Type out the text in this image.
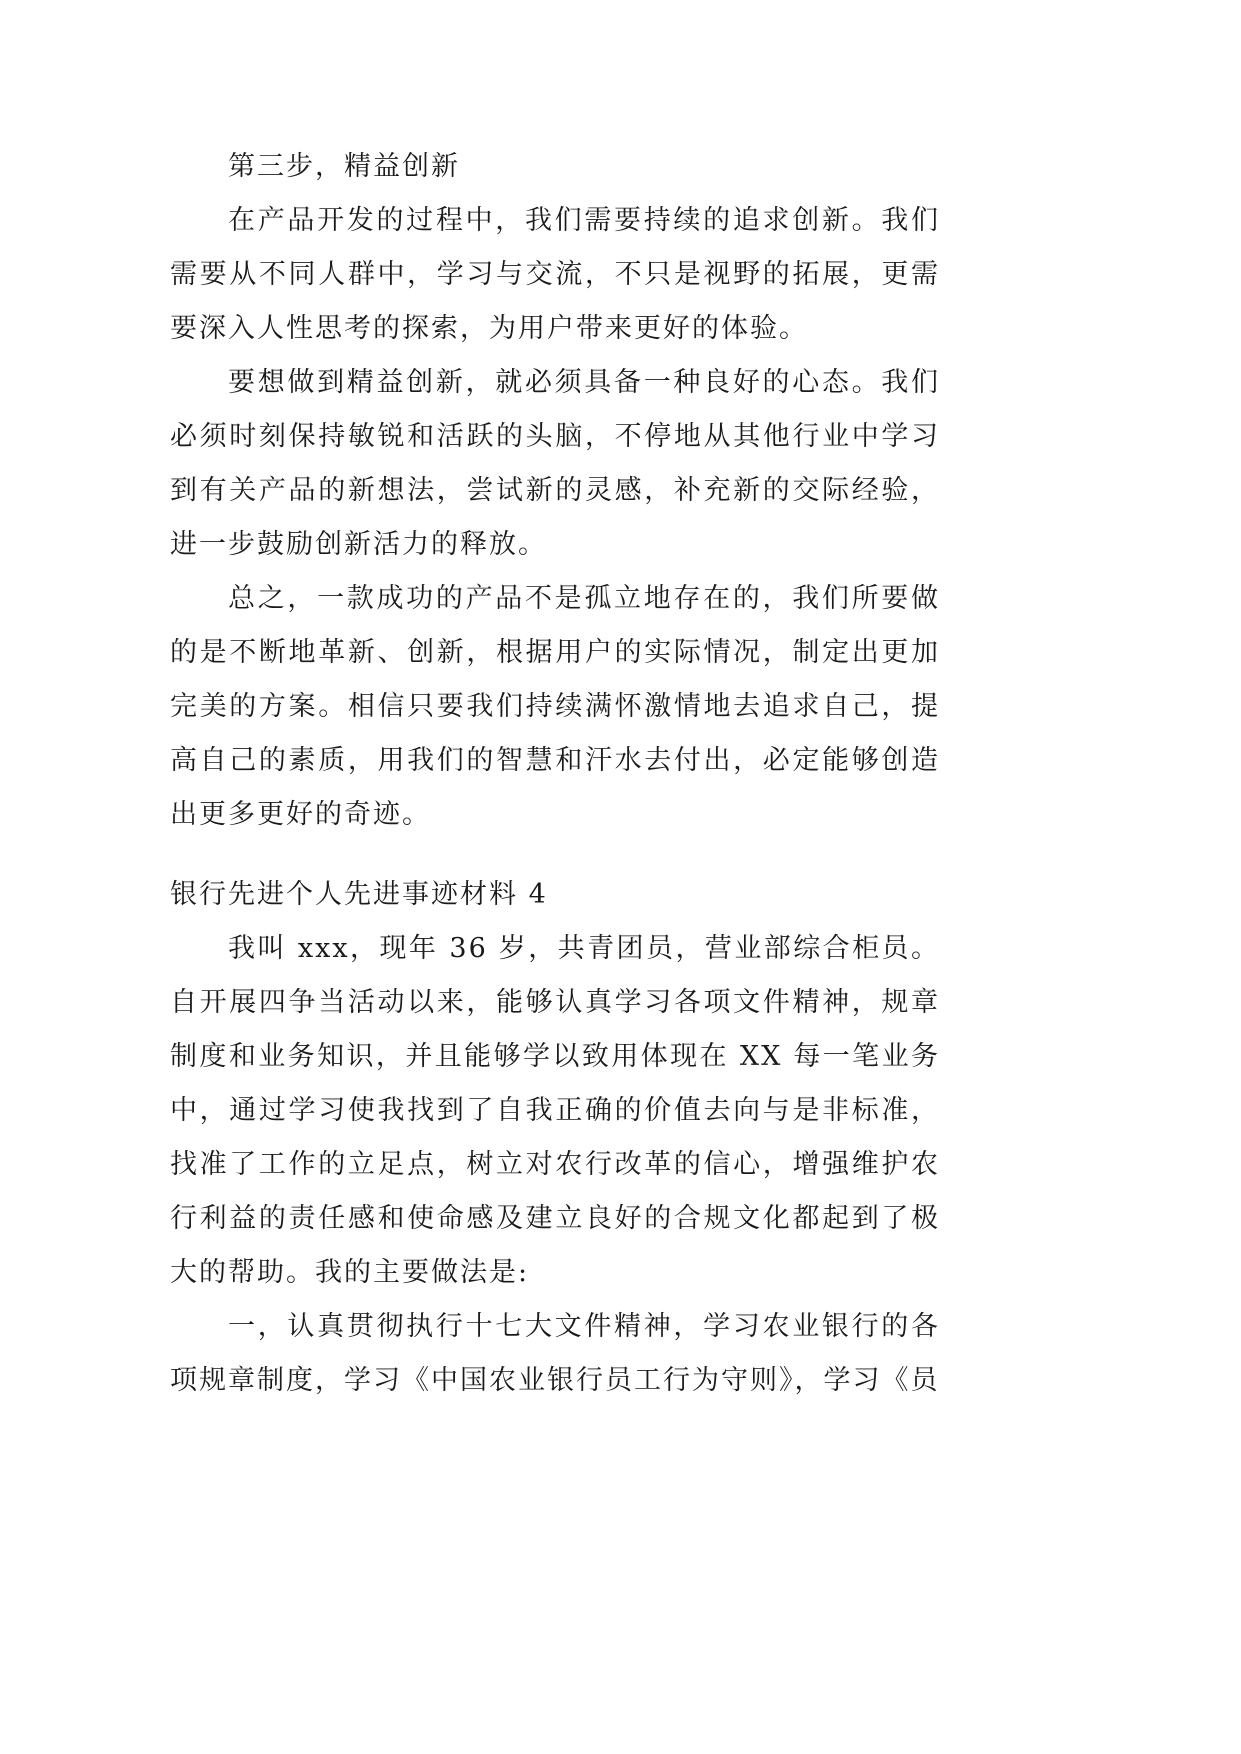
第三步，精益创新

在产品开发的过程中，我们需要持续的追求创新。我们需要从不同人群中，学习与交流，不只是视野的拓展，更需要深入人性思考的探索，为用户带来更好的体验。

要想做到精益创新，就必须具备一种良好的心态。我们必须时刻保持敏锐和活跃的头脑，不停地从其他行业中学习到有关产品的新想法，尝试新的灵感，补充新的交际经验，进一步鼓励创新活力的释放。

总之，一款成功的产品不是孤立地存在的，我们所要做的是不断地革新、创新，根据用户的实际情况，制定出更加完美的方案。相信只要我们持续满怀激情地去追求自己，提高自己的素质，用我们的智慧和汗水去付出，必定能够创造出更多更好的奇迹。

银行先进个人先进事迹材料 4

我叫 xxx，现年 36 岁，共青团员，营业部综合柜员。自开展四争当活动以来，能够认真学习各项文件精神，规章制度和业务知识，并且能够学以致用体现在 XX 每一笔业务中，通过学习使我找到了自我正确的价值去向与是非标准，找准了工作的立足点，树立对农行改革的信心，增强维护农行利益的责任感和使命感及建立良好的合规文化都起到了极大的帮助。我的主要做法是:

一，认真贯彻执行十七大文件精神，学习农业银行的各项规章制度，学习《中国农业银行员工行为守则》，学习《员
